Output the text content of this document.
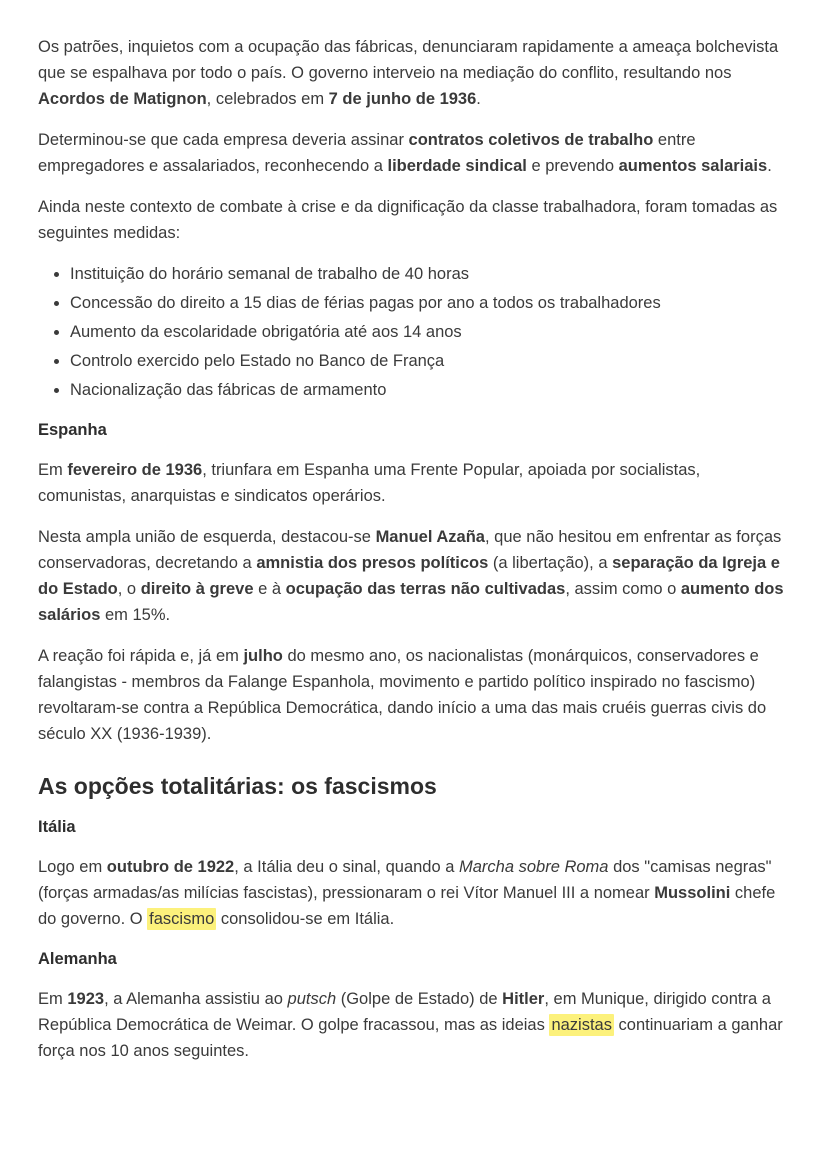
Os patrões, inquietos com a ocupação das fábricas, denunciaram rapidamente a ameaça bolchevista que se espalhava por todo o país. O governo interveio na mediação do conflito, resultando nos Acordos de Matignon, celebrados em 7 de junho de 1936.

Determinou-se que cada empresa deveria assinar contratos coletivos de trabalho entre empregadores e assalariados, reconhecendo a liberdade sindical e prevendo aumentos salariais.

Ainda neste contexto de combate à crise e da dignificação da classe trabalhadora, foram tomadas as seguintes medidas:

• Instituição do horário semanal de trabalho de 40 horas
• Concessão do direito a 15 dias de férias pagas por ano a todos os trabalhadores
• Aumento da escolaridade obrigatória até aos 14 anos
• Controlo exercido pelo Estado no Banco de França
• Nacionalização das fábricas de armamento
Espanha

Em fevereiro de 1936, triunfara em Espanha uma Frente Popular, apoiada por socialistas, comunistas, anarquistas e sindicatos operários.

Nesta ampla união de esquerda, destacou-se Manuel Azaña, que não hesitou em enfrentar as forças conservadoras, decretando a amnistia dos presos políticos (a libertação), a separação da Igreja e do Estado, o direito à greve e à ocupação das terras não cultivadas, assim como o aumento dos salários em 15%.

A reação foi rápida e, já em julho do mesmo ano, os nacionalistas (monárquicos, conservadores e falangistas - membros da Falange Espanhola, movimento e partido político inspirado no fascismo) revoltaram-se contra a República Democrática, dando início a uma das mais cruéis guerras civis do século XX (1936-1939).

As opções totalitárias: os fascismos
Itália

Logo em outubro de 1922, a Itália deu o sinal, quando a Marcha sobre Roma dos "camisas negras" (forças armadas/as milícias fascistas), pressionaram o rei Vítor Manuel III a nomear Mussolini chefe do governo. O fascismo consolidou-se em Itália.

Alemanha

Em 1923, a Alemanha assistiu ao putsch (Golpe de Estado) de Hitler, em Munique, dirigido contra a República Democrática de Weimar. O golpe fracassou, mas as ideias nazistas continuariam a ganhar força nos 10 anos seguintes.
